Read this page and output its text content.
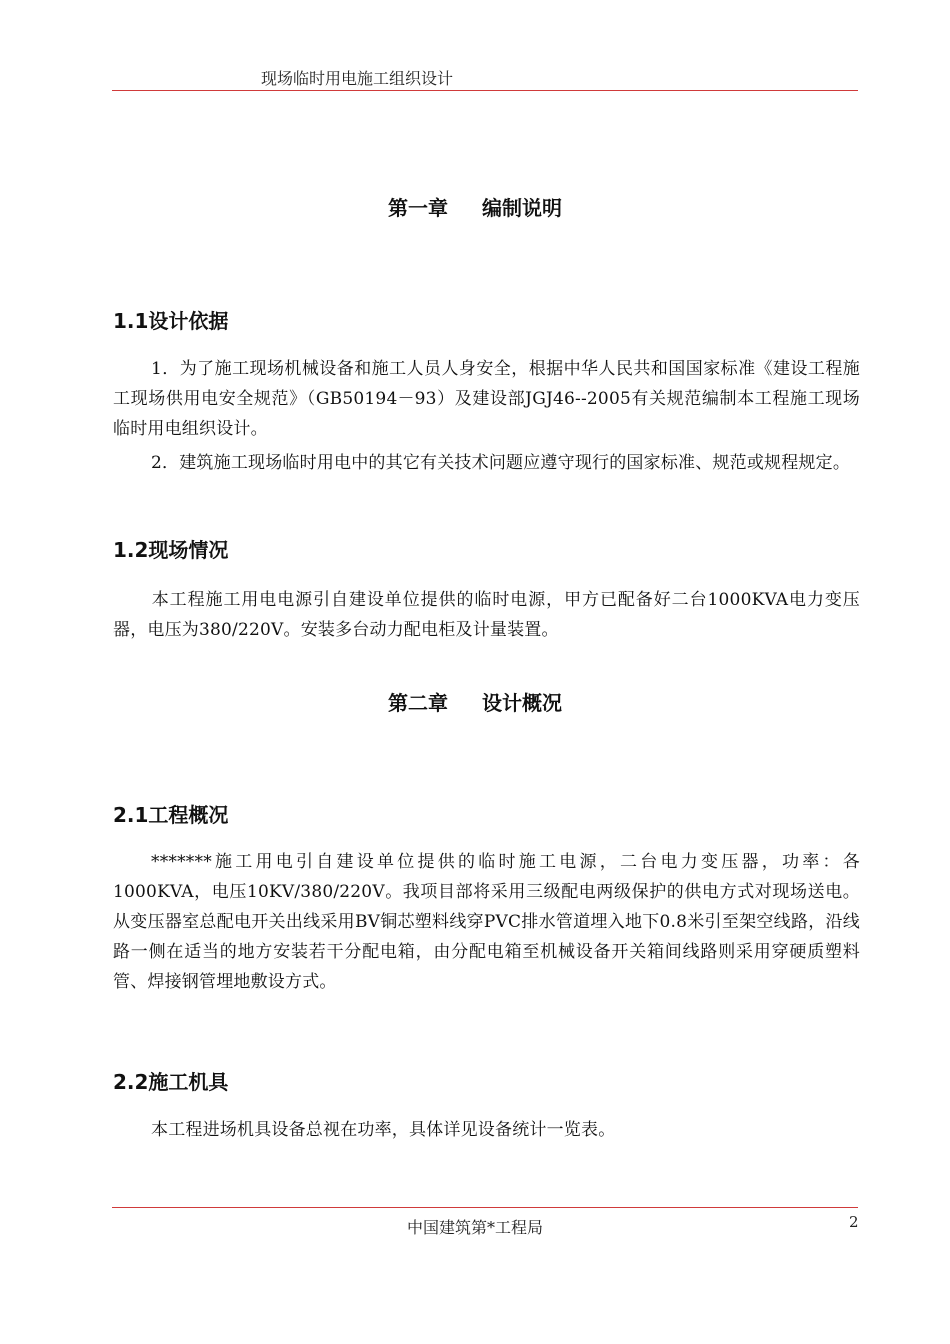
现场临时用电施工组织设计
第一章 编制说明
1.1设计依据
1．为了施工现场机械设备和施工人员人身安全，根据中华人民共和国国家标准《建设工程施工现场供用电安全规范》（GB50194－93）及建设部JGJ46--2005有关规范编制本工程施工现场临时用电组织设计。
2．建筑施工现场临时用电中的其它有关技术问题应遵守现行的国家标准、规范或规程规定。
1.2现场情况
本工程施工用电电源引自建设单位提供的临时电源，甲方已配备好二台1000KVA电力变压器，电压为380/220V。安装多台动力配电柜及计量装置。
第二章 设计概况
2.1工程概况
*******施工用电引自建设单位提供的临时施工电源，二台电力变压器，功率：各1000KVA，电压10KV/380/220V。我项目部将采用三级配电两级保护的供电方式对现场送电。从变压器室总配电开关出线采用BV铜芯塑料线穿PVC排水管道埋入地下0.8米引至架空线路，沿线路一侧在适当的地方安装若干分配电箱，由分配电箱至机械设备开关箱间线路则采用穿硬质塑料管、焊接钢管埋地敷设方式。
2.2施工机具
本工程进场机具设备总视在功率，具体详见设备统计一览表。
中国建筑第*工程局	2
